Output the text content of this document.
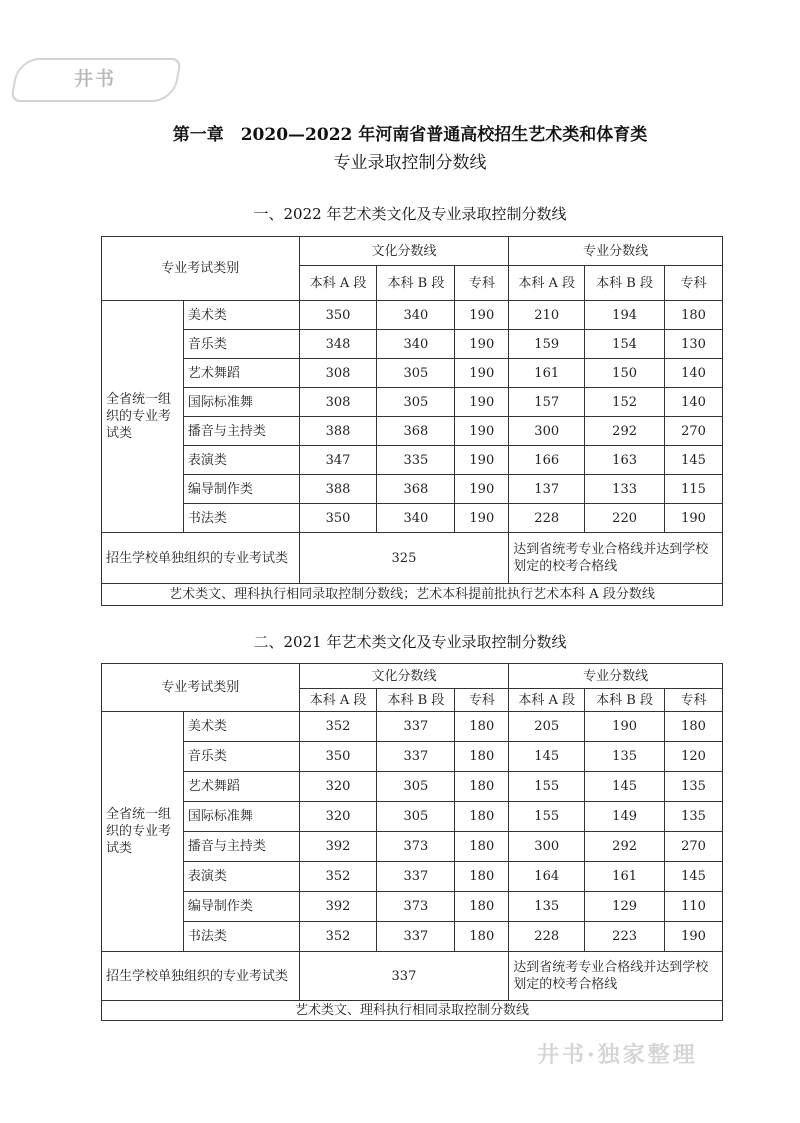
井书
第一章　2020—2022 年河南省普通高校招生艺术类和体育类
专业录取控制分数线
一、2022 年艺术类文化及专业录取控制分数线
专业考试类别		文化分数线			专业分数线		
		本科 A 段	本科 B 段	专科	本科 A 段	本科 B 段	专科
全省统一组织的专业考试类	美术类	350	340	190	210	194	180
	音乐类	348	340	190	159	154	130
	艺术舞蹈	308	305	190	161	150	140
	国际标准舞	308	305	190	157	152	140
	播音与主持类	388	368	190	300	292	270
	表演类	347	335	190	166	163	145
	编导制作类	388	368	190	137	133	115
	书法类	350	340	190	228	220	190
招生学校单独组织的专业考试类		325			达到省统考专业合格线并达到学校划定的校考合格线		
艺术类文、理科执行相同录取控制分数线；艺术本科提前批执行艺术本科 A 段分数线							
二、2021 年艺术类文化及专业录取控制分数线
专业考试类别		文化分数线			专业分数线		
		本科 A 段	本科 B 段	专科	本科 A 段	本科 B 段	专科
全省统一组织的专业考试类	美术类	352	337	180	205	190	180
	音乐类	350	337	180	145	135	120
	艺术舞蹈	320	305	180	155	145	135
	国际标准舞	320	305	180	155	149	135
	播音与主持类	392	373	180	300	292	270
	表演类	352	337	180	164	161	145
	编导制作类	392	373	180	135	129	110
	书法类	352	337	180	228	223	190
招生学校单独组织的专业考试类		337			达到省统考专业合格线并达到学校划定的校考合格线		
艺术类文、理科执行相同录取控制分数线							
井书·独家整理
